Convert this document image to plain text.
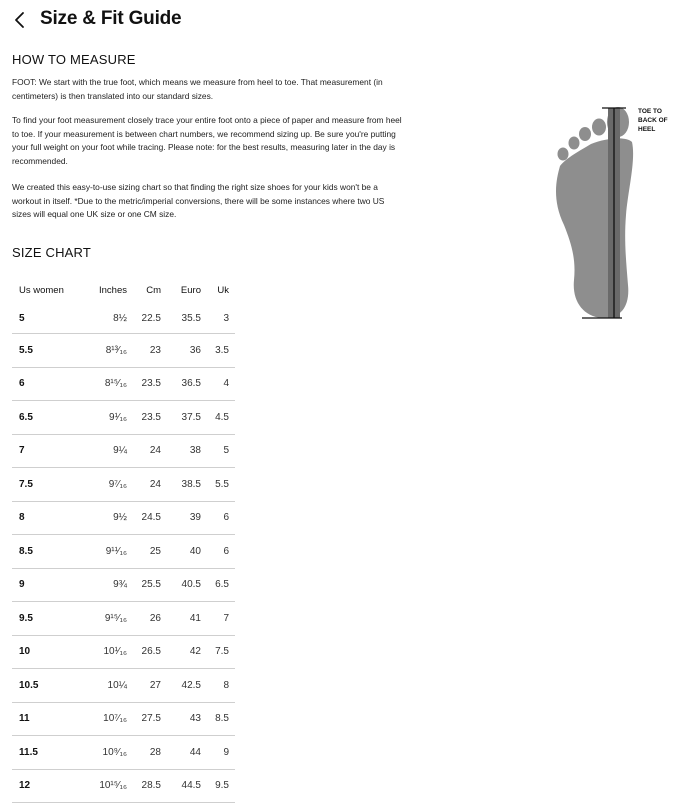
Size & Fit Guide
HOW TO MEASURE

FOOT: We start with the true foot, which means we measure from heel to toe. That measurement (in centimeters) is then translated into our standard sizes.

To find your foot measurement closely trace your entire foot onto a piece of paper and measure from heel to toe. If your measurement is between chart numbers, we recommend sizing up. Be sure you're putting your full weight on your foot while tracing. Please note: for the best results, measuring later in the day is recommended.

We created this easy-to-use sizing chart so that finding the right size shoes for your kids won't be a workout in itself. *Due to the metric/imperial conversions, there will be some instances where two US sizes will equal one UK size or one CM size.

SIZE CHART
Us women	Inches	Cm	Euro	Uk
5	8½	22.5	35.5	3
5.5	8¹³⁄₁₆	23	36	3.5
6	8¹⁵⁄₁₆	23.5	36.5	4
6.5	9¹⁄₁₆	23.5	37.5	4.5
7	9¼	24	38	5
7.5	9⁷⁄₁₆	24	38.5	5.5
8	9½	24.5	39	6
8.5	9¹¹⁄₁₆	25	40	6
9	9¾	25.5	40.5	6.5
9.5	9¹⁵⁄₁₆	26	41	7
10	10¹⁄₁₆	26.5	42	7.5
10.5	10¼	27	42.5	8
11	10⁷⁄₁₆	27.5	43	8.5
11.5	10⁹⁄₁₆	28	44	9
12	10¹⁵⁄₁₆	28.5	44.5	9.5
TOE TO BACK OF HEEL
